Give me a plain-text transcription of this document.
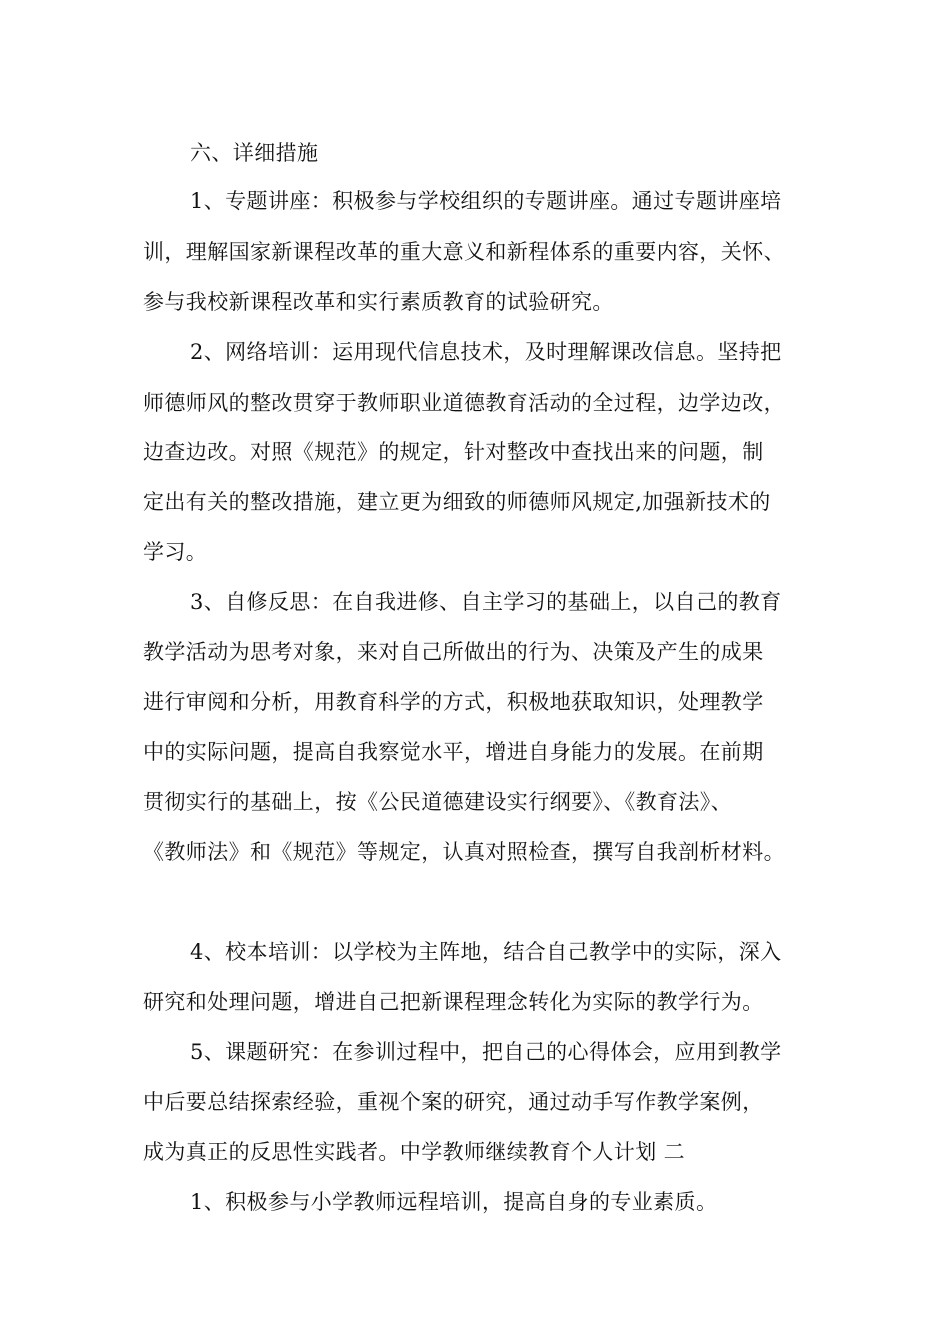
六、详细措施
1、专题讲座：积极参与学校组织的专题讲座。通过专题讲座培
训，理解国家新课程改革的重大意义和新程体系的重要内容，关怀、
参与我校新课程改革和实行素质教育的试验研究。
2、网络培训：运用现代信息技术，及时理解课改信息。坚持把
师德师风的整改贯穿于教师职业道德教育活动的全过程，边学边改，
边查边改。对照《规范》的规定，针对整改中查找出来的问题，制
定出有关的整改措施，建立更为细致的师德师风规定,加强新技术的
学习。
3、自修反思：在自我进修、自主学习的基础上，以自己的教育
教学活动为思考对象，来对自己所做出的行为、决策及产生的成果
进行审阅和分析，用教育科学的方式，积极地获取知识，处理教学
中的实际问题，提高自我察觉水平，增进自身能力的发展。在前期
贯彻实行的基础上，按《公民道德建设实行纲要》、《教育法》、
《教师法》和《规范》等规定，认真对照检查，撰写自我剖析材料。
4、校本培训：以学校为主阵地，结合自己教学中的实际，深入
研究和处理问题，增进自己把新课程理念转化为实际的教学行为。
5、课题研究：在参训过程中，把自己的心得体会，应用到教学
中后要总结探索经验，重视个案的研究，通过动手写作教学案例，
成为真正的反思性实践者。中学教师继续教育个人计划 二
1、积极参与小学教师远程培训，提高自身的专业素质。
